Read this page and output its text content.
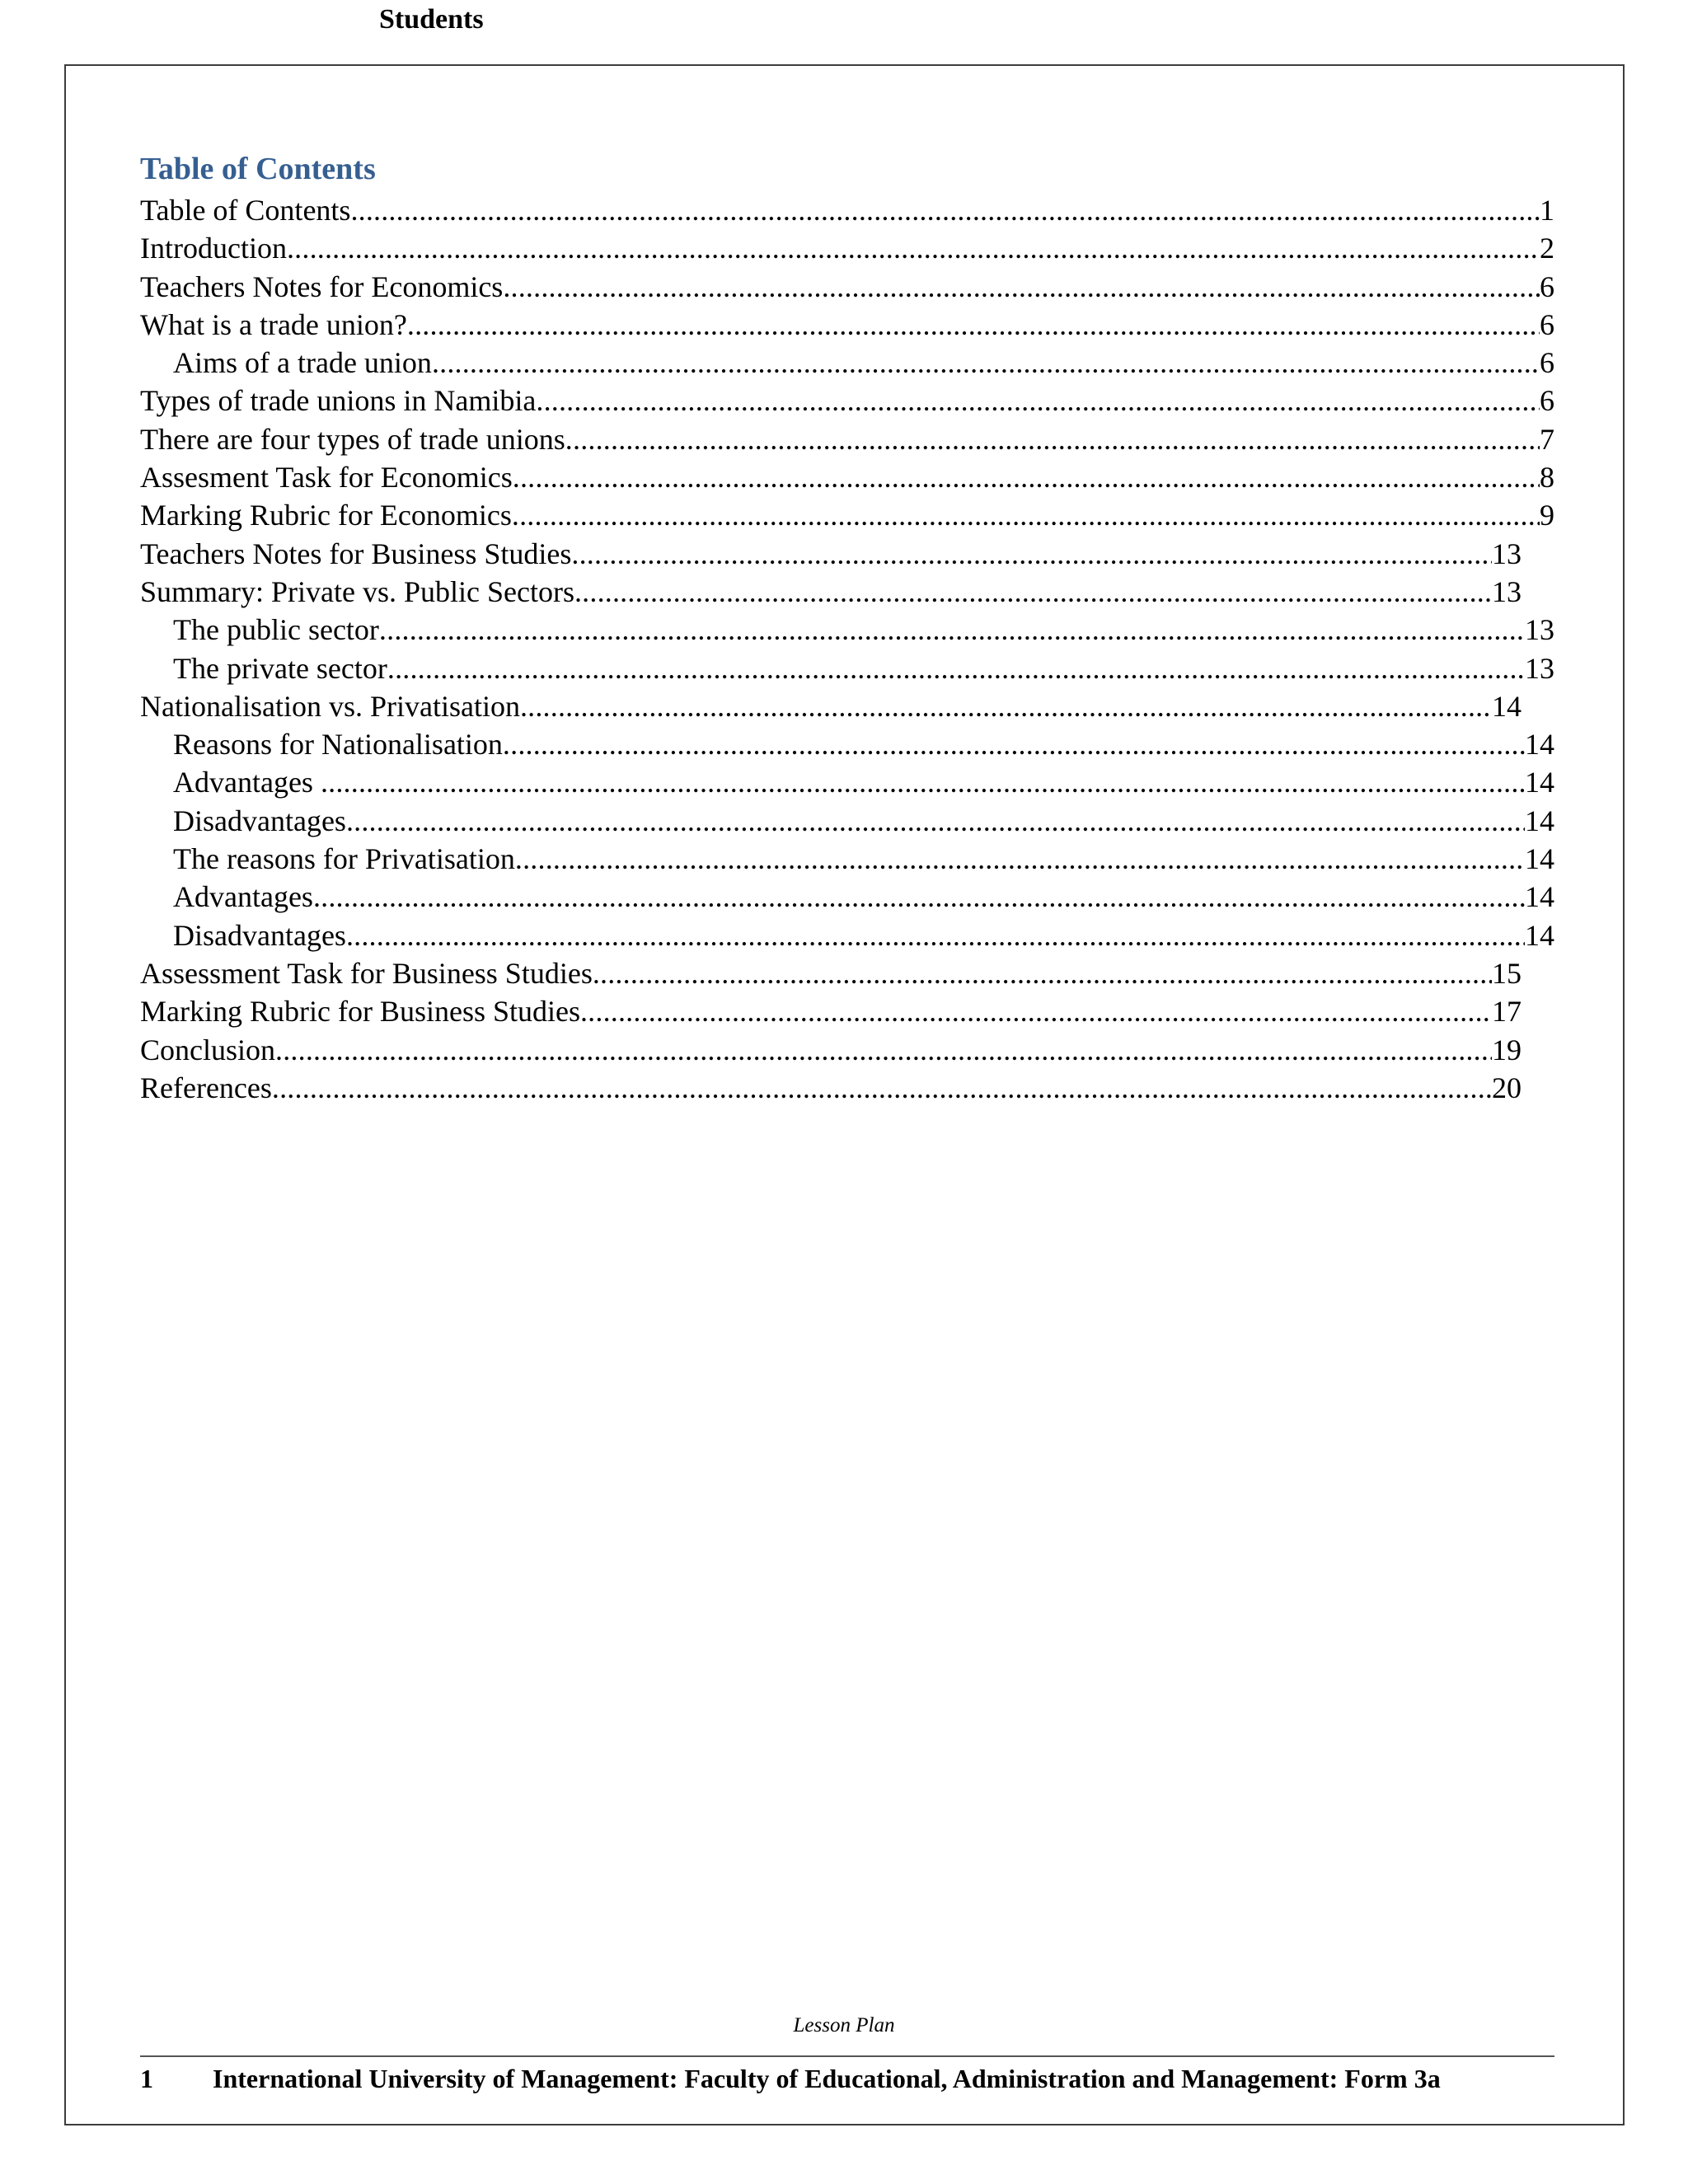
Students
Table of Contents
Table of Contents .....	1
Introduction .....	2
Teachers Notes for Economics .....	6
What is a trade union? .....	6
Aims of a trade union .....	6
Types of trade unions in Namibia .....	6
There are four types of trade unions .....	7
Assesment Task for Economics .....	8
Marking Rubric for Economics .....	9
Teachers Notes for Business Studies .....	13
Summary: Private vs. Public Sectors .....	13
The public sector .....	13
The private sector .....	13
Nationalisation vs. Privatisation .....	14
Reasons for Nationalisation .....	14
Advantages .....	14
Disadvantages .....	14
The reasons for Privatisation .....	14
Advantages .....	14
Disadvantages .....	14
Assessment Task for Business Studies .....	15
Marking Rubric for Business Studies .....	17
Conclusion .....	19
References .....	20
Lesson Plan
1 International University of Management: Faculty of Educational, Administration and Management: Form 3a
